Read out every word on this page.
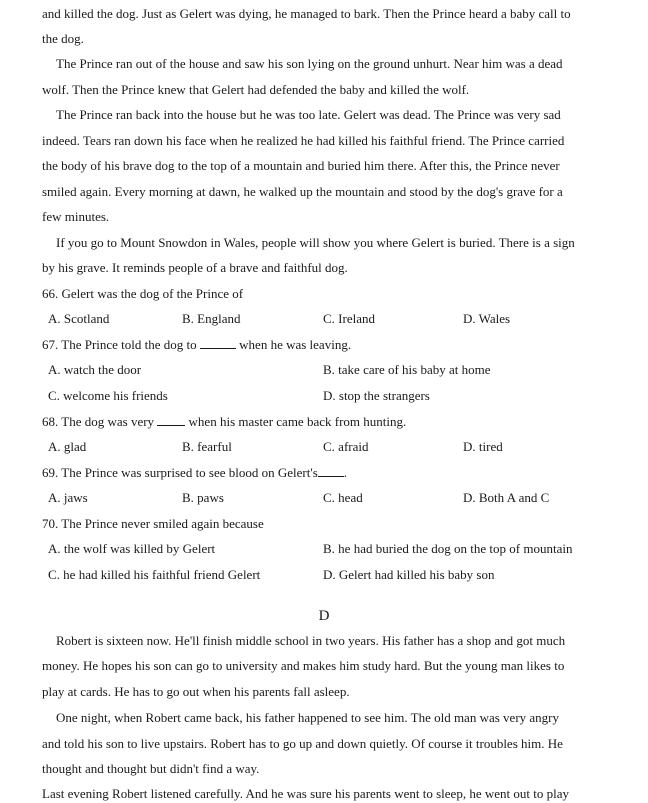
and killed the dog. Just as Gelert was dying, he managed to bark. Then the Prince heard a baby call to
the dog.
The Prince ran out of the house and saw his son lying on the ground unhurt. Near him was a dead
wolf. Then the Prince knew that Gelert had defended the baby and killed the wolf.
The Prince ran back into the house but he was too late. Gelert was dead. The Prince was very sad
indeed. Tears ran down his face when he realized he had killed his faithful friend. The Prince carried
the body of his brave dog to the top of a mountain and buried him there. After this, the Prince never
smiled again. Every morning at dawn, he walked up the mountain and stood by the dog's grave for a
few minutes.
If you go to Mount Snowdon in Wales, people will show you where Gelert is buried. There is a sign
by his grave. It reminds people of a brave and faithful dog.
66. Gelert was the dog of the Prince of
A. Scotland	B. England	C. Ireland	D. Wales
67. The Prince told the dog to	when he was leaving.
A. watch the door	B. take care of his baby at home
C. welcome his friends	D. stop the strangers
68. The dog was very	when his master came back from hunting.
A. glad	B. fearful	C. afraid	D. tired
69. The Prince was surprised to see blood on Gelert's .
A. jaws	B. paws	C. head	D. Both A and C
70. The Prince never smiled again because
A. the wolf was killed by Gelert	B. he had buried the dog on the top of mountain
C. he had killed his faithful friend Gelert	D. Gelert had killed his baby son
D
Robert is sixteen now. He'll finish middle school in two years. His father has a shop and got much
money. He hopes his son can go to university and makes him study hard. But the young man likes to
play at cards. He has to go out when his parents fall asleep.
One night, when Robert came back, his father happened to see him. The old man was very angry
and told his son to live upstairs. Robert has to go up and down quietly. Of course it troubles him. He
thought and thought but didn't find a way.
Last evening Robert listened carefully. And he was sure his parents went to sleep, he went out to play
